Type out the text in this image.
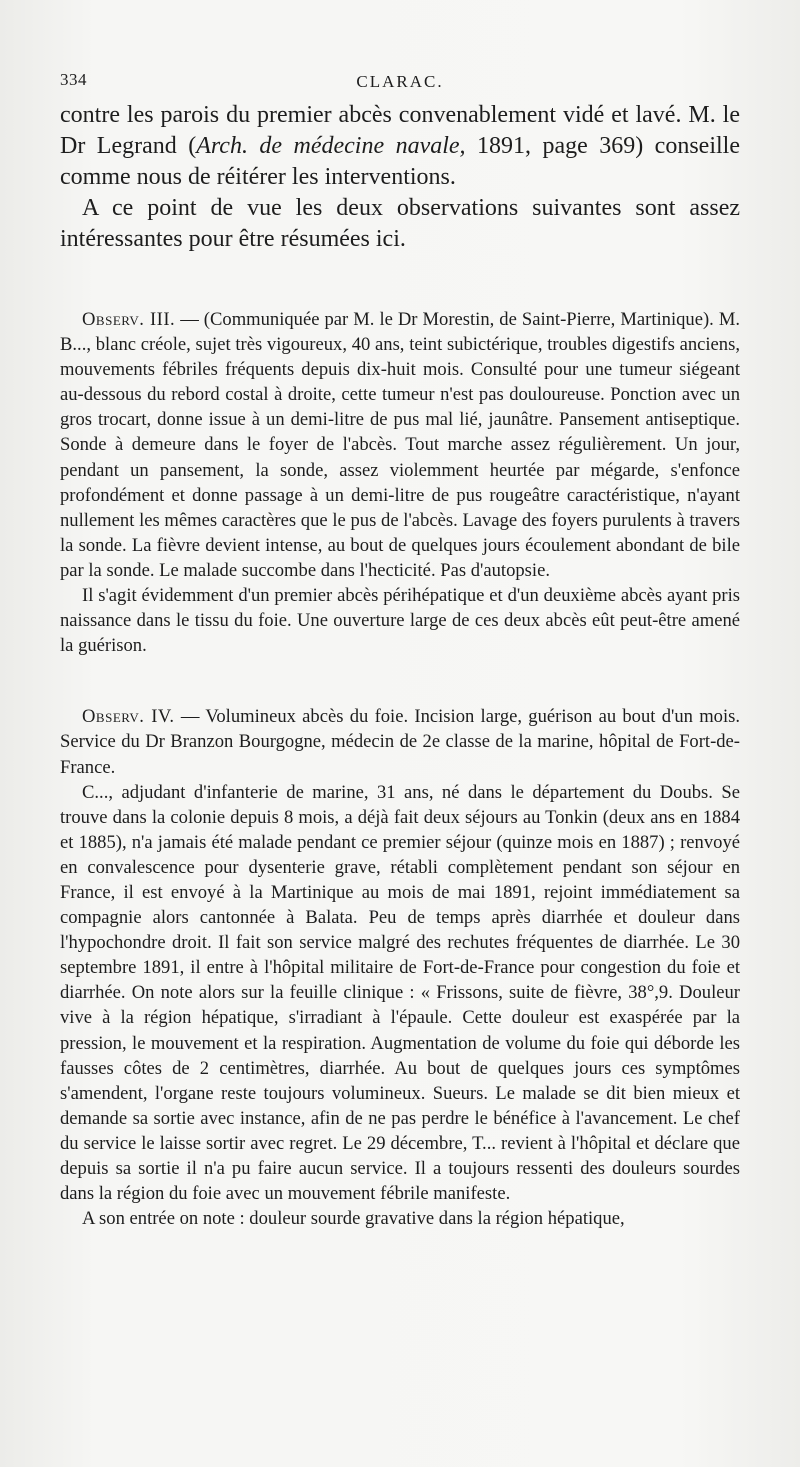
334	CLARAC.

contre les parois du premier abcès convenablement vidé et lavé. M. le Dr Legrand (Arch. de médecine navale, 1891, page 369) conseille comme nous de réitérer les interventions.

A ce point de vue les deux observations suivantes sont assez intéressantes pour être résumées ici.

Observ. III. — (Communiquée par M. le Dr Morestin, de Saint-Pierre, Martinique). M. B..., blanc créole, sujet très vigoureux, 40 ans, teint subictérique, troubles digestifs anciens, mouvements fébriles fréquents depuis dix-huit mois. Consulté pour une tumeur siégeant au-dessous du rebord costal à droite, cette tumeur n'est pas douloureuse. Ponction avec un gros trocart, donne issue à un demi-litre de pus mal lié, jaunâtre. Pansement antiseptique. Sonde à demeure dans le foyer de l'abcès. Tout marche assez régulièrement. Un jour, pendant un pansement, la sonde, assez violemment heurtée par mégarde, s'enfonce profondément et donne passage à un demi-litre de pus rougeâtre caractéristique, n'ayant nullement les mêmes caractères que le pus de l'abcès. Lavage des foyers purulents à travers la sonde. La fièvre devient intense, au bout de quelques jours écoulement abondant de bile par la sonde. Le malade succombe dans l'hecticité. Pas d'autopsie.

Il s'agit évidemment d'un premier abcès périhépatique et d'un deuxième abcès ayant pris naissance dans le tissu du foie. Une ouverture large de ces deux abcès eût peut-être amené la guérison.

Observ. IV. — Volumineux abcès du foie. Incision large, guérison au bout d'un mois. Service du Dr Branzon Bourgogne, médecin de 2e classe de la marine, hôpital de Fort-de-France.

C..., adjudant d'infanterie de marine, 31 ans, né dans le département du Doubs. Se trouve dans la colonie depuis 8 mois, a déjà fait deux séjours au Tonkin (deux ans en 1884 et 1885), n'a jamais été malade pendant ce premier séjour (quinze mois en 1887) ; renvoyé en convalescence pour dysenterie grave, rétabli complètement pendant son séjour en France, il est envoyé à la Martinique au mois de mai 1891, rejoint immédiatement sa compagnie alors cantonnée à Balata. Peu de temps après diarrhée et douleur dans l'hypochondre droit. Il fait son service malgré des rechutes fréquentes de diarrhée. Le 30 septembre 1891, il entre à l'hôpital militaire de Fort-de-France pour congestion du foie et diarrhée. On note alors sur la feuille clinique : « Frissons, suite de fièvre, 38°,9. Douleur vive à la région hépatique, s'irradiant à l'épaule. Cette douleur est exaspérée par la pression, le mouvement et la respiration. Augmentation de volume du foie qui déborde les fausses côtes de 2 centimètres, diarrhée. Au bout de quelques jours ces symptômes s'amendent, l'organe reste toujours volumineux. Sueurs. Le malade se dit bien mieux et demande sa sortie avec instance, afin de ne pas perdre le bénéfice à l'avancement. Le chef du service le laisse sortir avec regret. Le 29 décembre, T... revient à l'hôpital et déclare que depuis sa sortie il n'a pu faire aucun service. Il a toujours ressenti des douleurs sourdes dans la région du foie avec un mouvement fébrile manifeste.

A son entrée on note : douleur sourde gravative dans la région hépatique,
